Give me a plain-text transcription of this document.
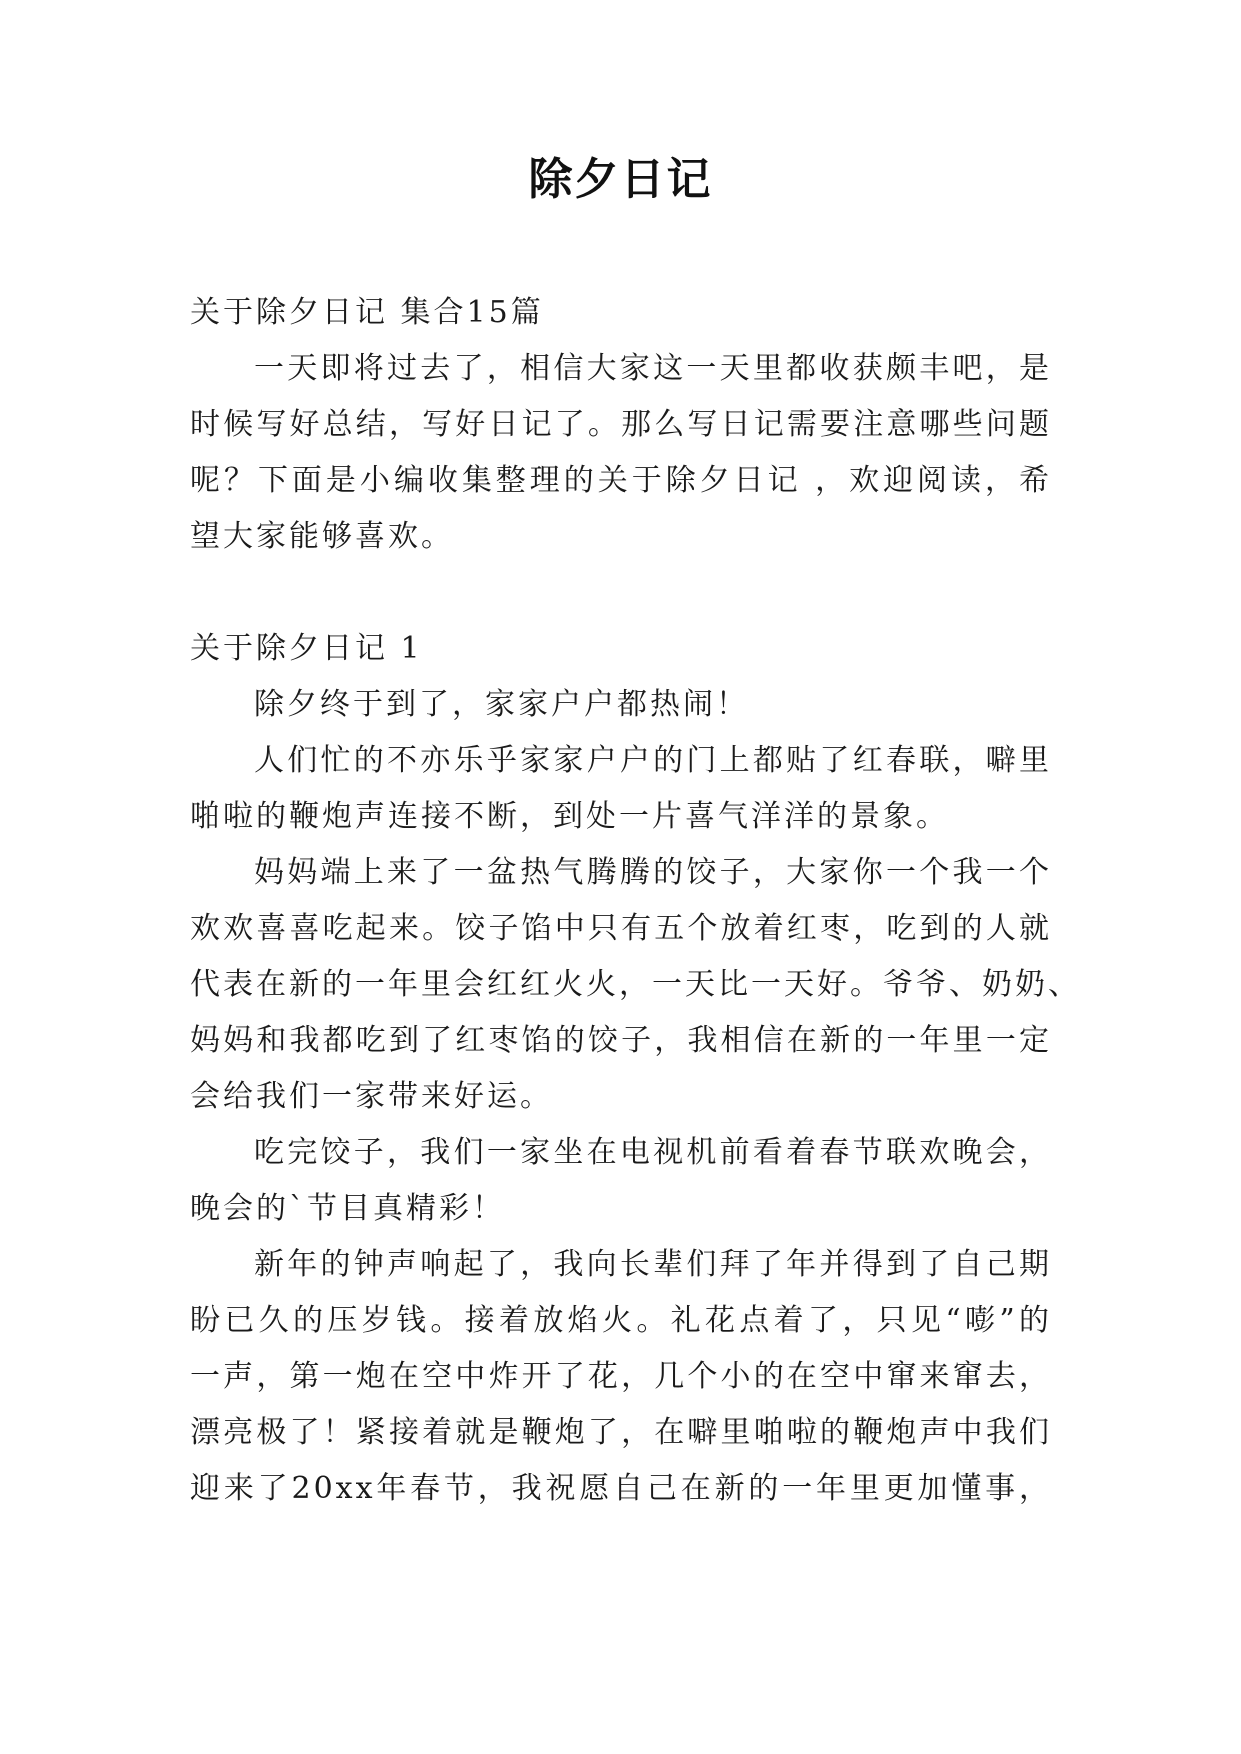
除夕日记
关于除夕日记 集合15篇
一天即将过去了，相信大家这一天里都收获颇丰吧，是
时候写好总结，写好日记了。那么写日记需要注意哪些问题
呢？下面是小编收集整理的关于除夕日记 ，欢迎阅读，希
望大家能够喜欢。
关于除夕日记 1
除夕终于到了，家家户户都热闹！
人们忙的不亦乐乎家家户户的门上都贴了红春联，噼里
啪啦的鞭炮声连接不断，到处一片喜气洋洋的景象。
妈妈端上来了一盆热气腾腾的饺子，大家你一个我一个
欢欢喜喜吃起来。饺子馅中只有五个放着红枣，吃到的人就
代表在新的一年里会红红火火，一天比一天好。爷爷、奶奶、
妈妈和我都吃到了红枣馅的饺子，我相信在新的一年里一定
会给我们一家带来好运。
吃完饺子，我们一家坐在电视机前看着春节联欢晚会，
晚会的`节目真精彩！
新年的钟声响起了，我向长辈们拜了年并得到了自己期
盼已久的压岁钱。接着放焰火。礼花点着了，只见“嘭”的
一声，第一炮在空中炸开了花，几个小的在空中窜来窜去，
漂亮极了！紧接着就是鞭炮了，在噼里啪啦的鞭炮声中我们
迎来了20xx年春节，我祝愿自己在新的一年里更加懂事，
